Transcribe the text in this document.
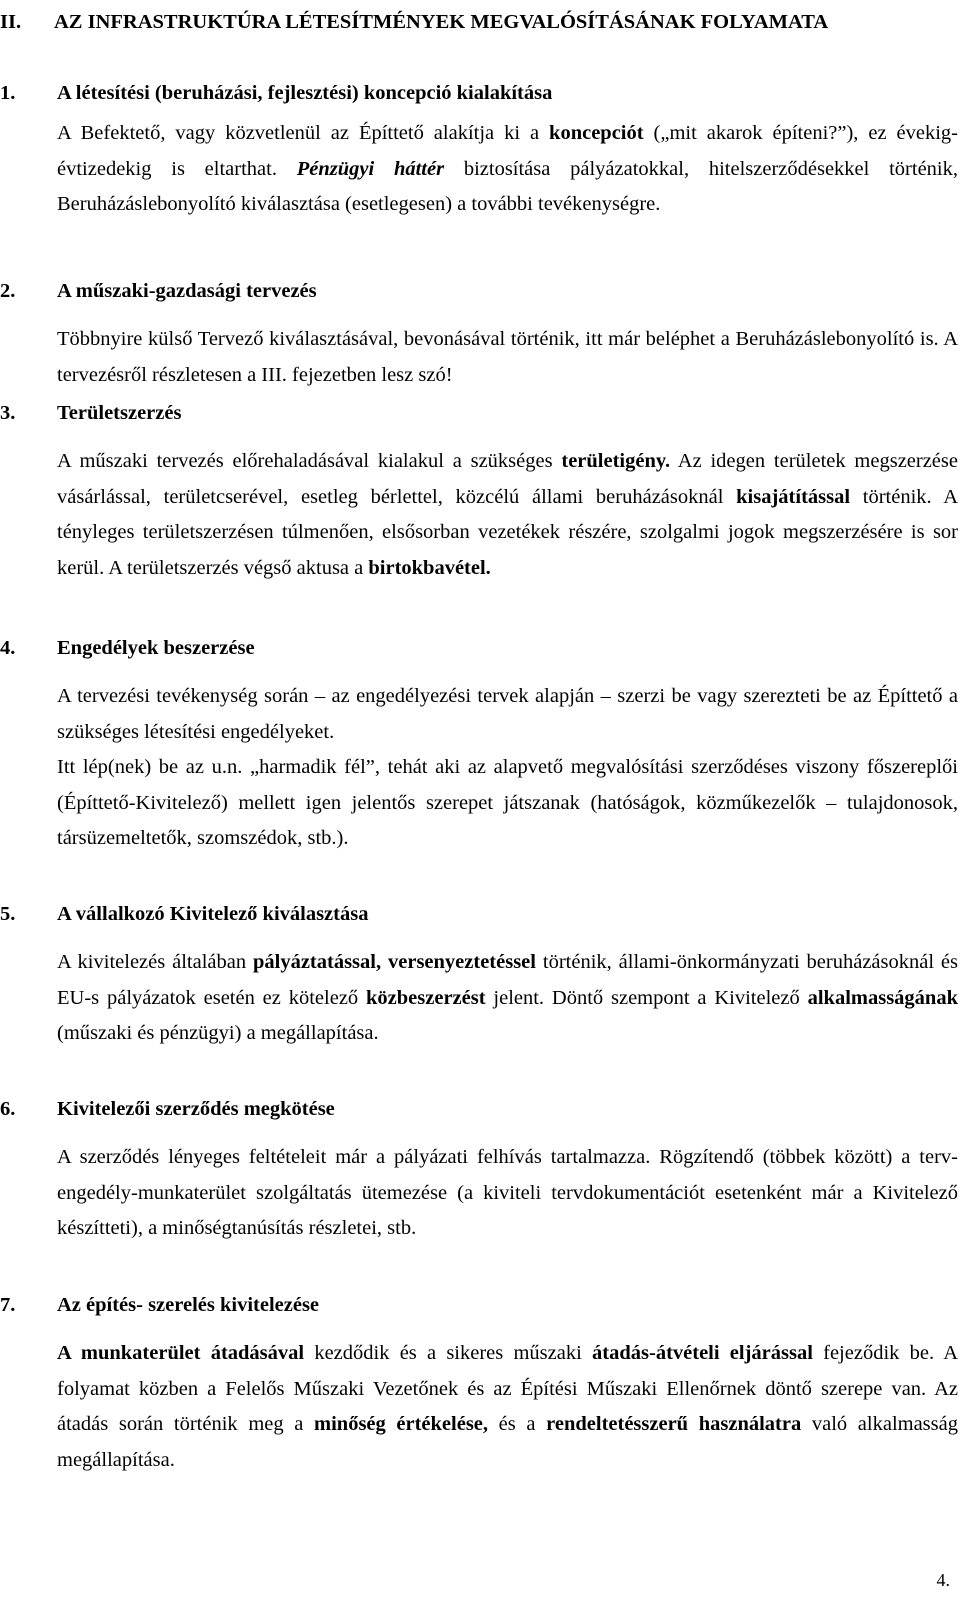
II. AZ INFRASTRUKTÚRA LÉTESÍTMÉNYEK MEGVALÓSÍTÁSÁNAK FOLYAMATA
1. A létesítési (beruházási, fejlesztési) koncepció kialakítása

A Befektető, vagy közvetlenül az Építtető alakítja ki a koncepciót („mit akarok építeni?”), ez évekig- évtizedekig is eltarthat. Pénzügyi háttér biztosítása pályázatokkal, hitelszerződésekkel történik, Beruházáslebonyolító kiválasztása (esetlegesen) a további tevékenységre.

2. A műszaki-gazdasági tervezés

Többnyire külső Tervező kiválasztásával, bevonásával történik, itt már beléphet a Beruházáslebonyolító is. A tervezésről részletesen a III. fejezetben lesz szó!

3. Területszerzés

A műszaki tervezés előrehaladásával kialakul a szükséges területigény. Az idegen területek megszerzése vásárlással, területcserével, esetleg bérlettel, közcélú állami beruházásoknál kisajátítással történik. A tényleges területszerzésen túlmenően, elsősorban vezetékek részére, szolgalmi jogok megszerzésére is sor kerül. A területszerzés végső aktusa a birtokbavétel.

4. Engedélyek beszerzése

A tervezési tevékenység során – az engedélyezési tervek alapján – szerzi be vagy szerezteti be az Építtető a szükséges létesítési engedélyeket.

Itt lép(nek) be az u.n. „harmadik fél”, tehát aki az alapvető megvalósítási szerződéses viszony főszereplői (Építtető-Kivitelező) mellett igen jelentős szerepet játszanak (hatóságok, közműkezelők – tulajdonosok, társüzemeltetők, szomszédok, stb.).

5. A vállalkozó Kivitelező kiválasztása

A kivitelezés általában pályáztatással, versenyeztetéssel történik, állami-önkormányzati beruházásoknál és EU-s pályázatok esetén ez kötelező közbeszerzést jelent. Döntő szempont a Kivitelező alkalmasságának (műszaki és pénzügyi) a megállapítása.

6. Kivitelezői szerződés megkötése

A szerződés lényeges feltételeit már a pályázati felhívás tartalmazza. Rögzítendő (többek között) a terv-engedély-munkaterület szolgáltatás ütemezése (a kiviteli tervdokumentációt esetenként már a Kivitelező készítteti), a minőségtanúsítás részletei, stb.

7. Az építés- szerelés kivitelezése

A munkaterület átadásával kezdődik és a sikeres műszaki átadás-átvételi eljárással fejeződik be. A folyamat közben a Felelős Műszaki Vezetőnek és az Építési Műszaki Ellenőrnek döntő szerepe van. Az átadás során történik meg a minőség értékelése, és a rendeltetésszerű használatra való alkalmasság megállapítása.

4.
